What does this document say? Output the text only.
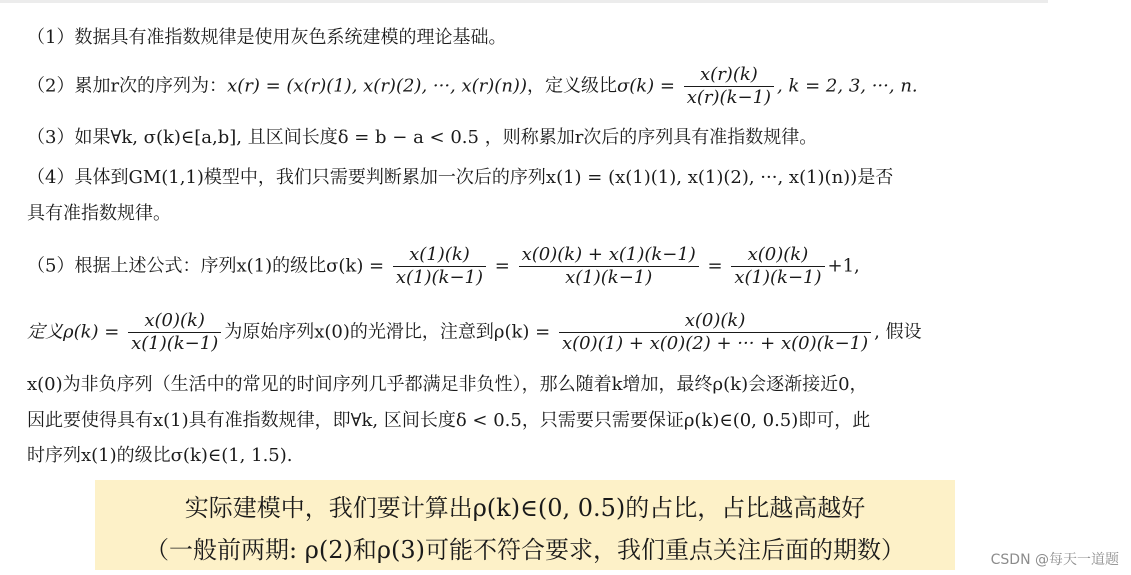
（1）数据具有准指数规律是使用灰色系统建模的理论基础。
（2）累加r次的序列为：x(r) = (x(r)(1), x(r)(2), ···, x(r)(n))，定义级比$\sigma(k) = \frac{x(r)(k)}{x(r)(k-1)}$ , k = 2, 3, ···, n.
（3）如果∀k, σ(k)∈[a,b], 且区间长度δ = b − a < 0.5 ，则称累加r次后的序列具有准指数规律。
（4）具体到GM(1,1)模型中，我们只需要判断累加一次后的序列x(1) = (x(1)(1), x(1)(2), ···, x(1)(n))是否
具有准指数规律。
（5）根据上述公式：序列x(1)的级比$\sigma(k) = \frac{x(1)(k)}{x(1)(k-1)} = \frac{x(0)(k) + x(1)(k-1)}{x(1)(k-1)} = \frac{x(0)(k)}{x(1)(k-1)} +1$,
定义$\rho(k) = \frac{x(0)(k)}{x(1)(k-1)}$ 为原始序列x(0)的光滑比，注意到$\rho(k) = \frac{x(0)(k)}{x(0)(1) + x(0)(2) + \cdot\cdot\cdot + x(0)(k-1)}$ , 假设
x(0)为非负序列（生活中的常见的时间序列几乎都满足非负性），那么随着k增加，最终ρ(k)会逐渐接近0，
因此要使得具有x(1)具有准指数规律，即∀k, 区间长度δ < 0.5，只需要只需要保证ρ(k)∈(0, 0.5)即可，此
时序列x(1)的级比σ(k)∈(1, 1.5).
实际建模中，我们要计算出ρ(k)∈(0, 0.5)的占比，占比越高越好
（一般前两期: ρ(2)和ρ(3)可能不符合要求，我们重点关注后面的期数）	CSDN @每天一道题
